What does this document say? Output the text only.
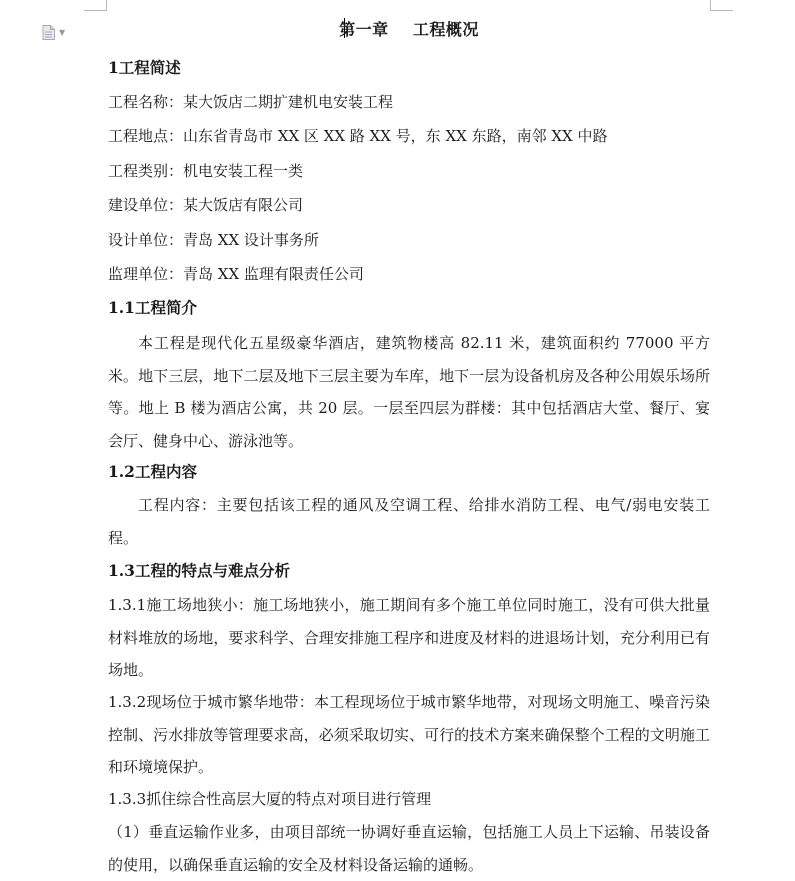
▼	第一章    工程概况
1工程简述
工程名称：某大饭店二期扩建机电安装工程
工程地点：山东省青岛市 XX 区 XX 路 XX 号，东 XX 东路，南邻 XX 中路
工程类别：机电安装工程一类
建设单位：某大饭店有限公司
设计单位：青岛 XX 设计事务所
监理单位：青岛 XX 监理有限责任公司
1.1工程简介
本工程是现代化五星级豪华酒店，建筑物楼高 82.11 米，建筑面积约 77000 平方米。地下三层，地下二层及地下三层主要为车库，地下一层为设备机房及各种公用娱乐场所等。地上 B 楼为酒店公寓，共 20 层。一层至四层为群楼：其中包括酒店大堂、餐厅、宴会厅、健身中心、游泳池等。
1.2工程内容
工程内容：主要包括该工程的通风及空调工程、给排水消防工程、电气/弱电安装工程。
1.3工程的特点与难点分析
1.3.1施工场地狭小：施工场地狭小，施工期间有多个施工单位同时施工，没有可供大批量材料堆放的场地，要求科学、合理安排施工程序和进度及材料的进退场计划，充分利用已有场地。
1.3.2现场位于城市繁华地带：本工程现场位于城市繁华地带，对现场文明施工、噪音污染控制、污水排放等管理要求高，必须采取切实、可行的技术方案来确保整个工程的文明施工和环境境保护。
1.3.3抓住综合性高层大厦的特点对项目进行管理
（1）垂直运输作业多，由项目部统一协调好垂直运输，包括施工人员上下运输、吊装设备的使用，以确保垂直运输的安全及材料设备运输的通畅。
